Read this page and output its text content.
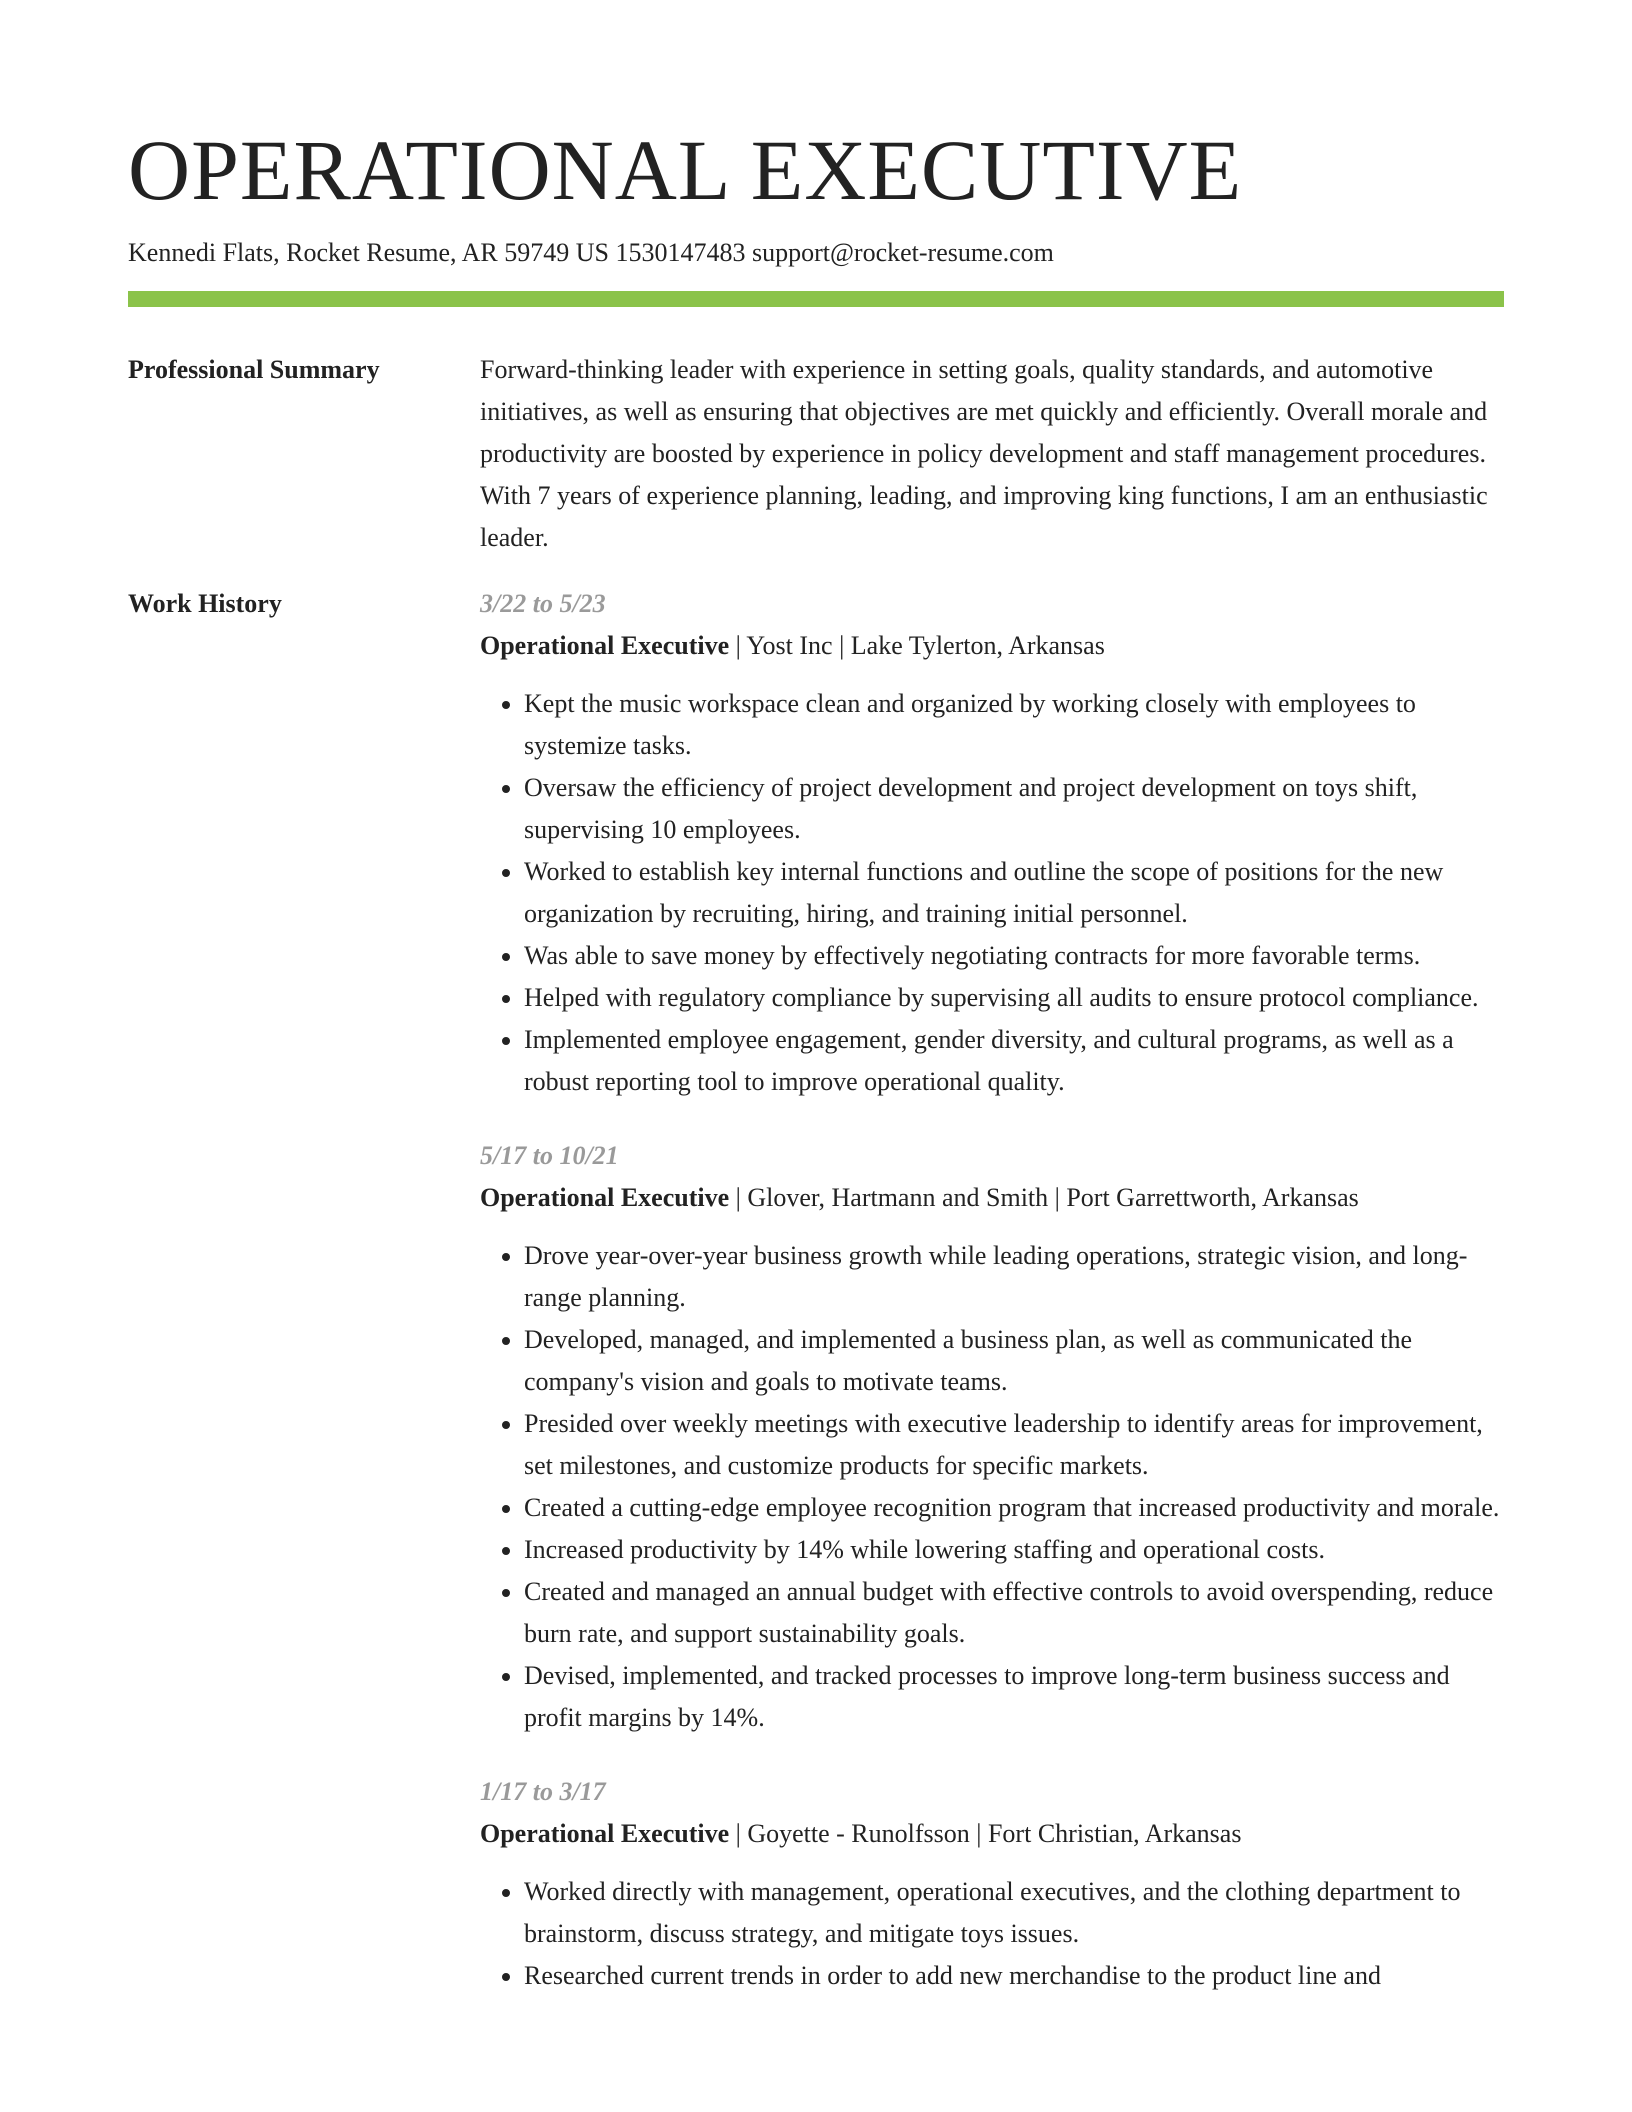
OPERATIONAL EXECUTIVE
Kennedi Flats, Rocket Resume, AR 59749 US 1530147483 support@rocket-resume.com
Professional Summary	Forward-thinking leader with experience in setting goals, quality standards, and automotive initiatives, as well as ensuring that objectives are met quickly and efficiently. Overall morale and productivity are boosted by experience in policy development and staff management procedures. With 7 years of experience planning, leading, and improving king functions, I am an enthusiastic leader.

Work History	3/22 to 5/23
Operational Executive | Yost Inc | Lake Tylerton, Arkansas
• Kept the music workspace clean and organized by working closely with employees to systemize tasks.
• Oversaw the efficiency of project development and project development on toys shift, supervising 10 employees.
• Worked to establish key internal functions and outline the scope of positions for the new organization by recruiting, hiring, and training initial personnel.
• Was able to save money by effectively negotiating contracts for more favorable terms.
• Helped with regulatory compliance by supervising all audits to ensure protocol compliance.
• Implemented employee engagement, gender diversity, and cultural programs, as well as a robust reporting tool to improve operational quality.
5/17 to 10/21
Operational Executive | Glover, Hartmann and Smith | Port Garrettworth, Arkansas
• Drove year-over-year business growth while leading operations, strategic vision, and long-range planning.
• Developed, managed, and implemented a business plan, as well as communicated the company's vision and goals to motivate teams.
• Presided over weekly meetings with executive leadership to identify areas for improvement, set milestones, and customize products for specific markets.
• Created a cutting-edge employee recognition program that increased productivity and morale.
• Increased productivity by 14% while lowering staffing and operational costs.
• Created and managed an annual budget with effective controls to avoid overspending, reduce burn rate, and support sustainability goals.
• Devised, implemented, and tracked processes to improve long-term business success and profit margins by 14%.
1/17 to 3/17
Operational Executive | Goyette - Runolfsson | Fort Christian, Arkansas
• Worked directly with management, operational executives, and the clothing department to brainstorm, discuss strategy, and mitigate toys issues.
• Researched current trends in order to add new merchandise to the product line and
